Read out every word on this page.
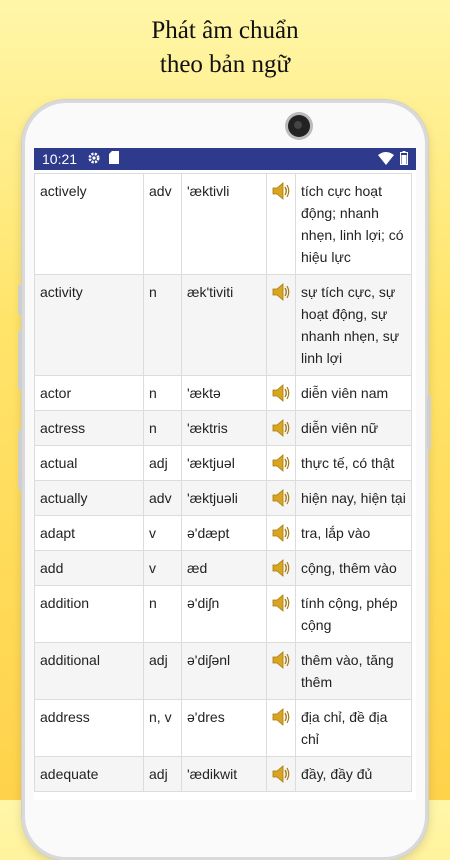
Phát âm chuẩn
theo bản ngữ
10:21
actively	adv	'æktivli		tích cực hoạt động; nhanh nhẹn, linh lợi; có hiệu lực
activity	n	æk'tiviti		sự tích cực, sự hoạt động, sự nhanh nhẹn, sự linh lợi
actor	n	'æktə		diễn viên nam
actress	n	'æktris		diễn viên nữ
actual	adj	'æktjuəl		thực tế, có thật
actually	adv	'æktjuəli		hiện nay, hiện tại
adapt	v	ə'dæpt		tra, lắp vào
add	v	æd		cộng, thêm vào
addition	n	ə'diʃn		tính cộng, phép cộng
additional	adj	ə'diʃənl		thêm vào, tăng thêm
address	n, v	ə'dres		địa chỉ, đề địa chỉ
adequate	adj	'ædikwit		đầy, đầy đủ
